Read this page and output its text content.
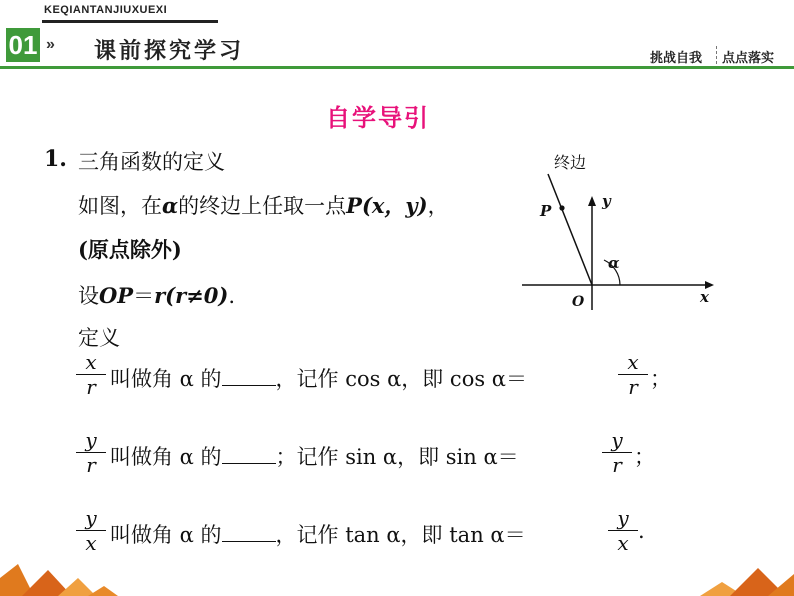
KEQIANTANJIUXUEXI
01 » 课前探究学习	挑战自我 点点落实
自学导引
1. 三角函数的定义
如图，在α的终边上任取一点P(x，y)，
(原点除外)
设OP＝r(r≠0).
定义
x
r 叫做角 α 的	，记作 cos α，即 cos α＝
x
r ；
y
r 叫做角 α 的	；记作 sin α，即 sin α＝
y
r ；
y
x 叫做角 α 的	，记作 tan α，即 tan α＝
y
x .
终边
y
x
P
O
α
